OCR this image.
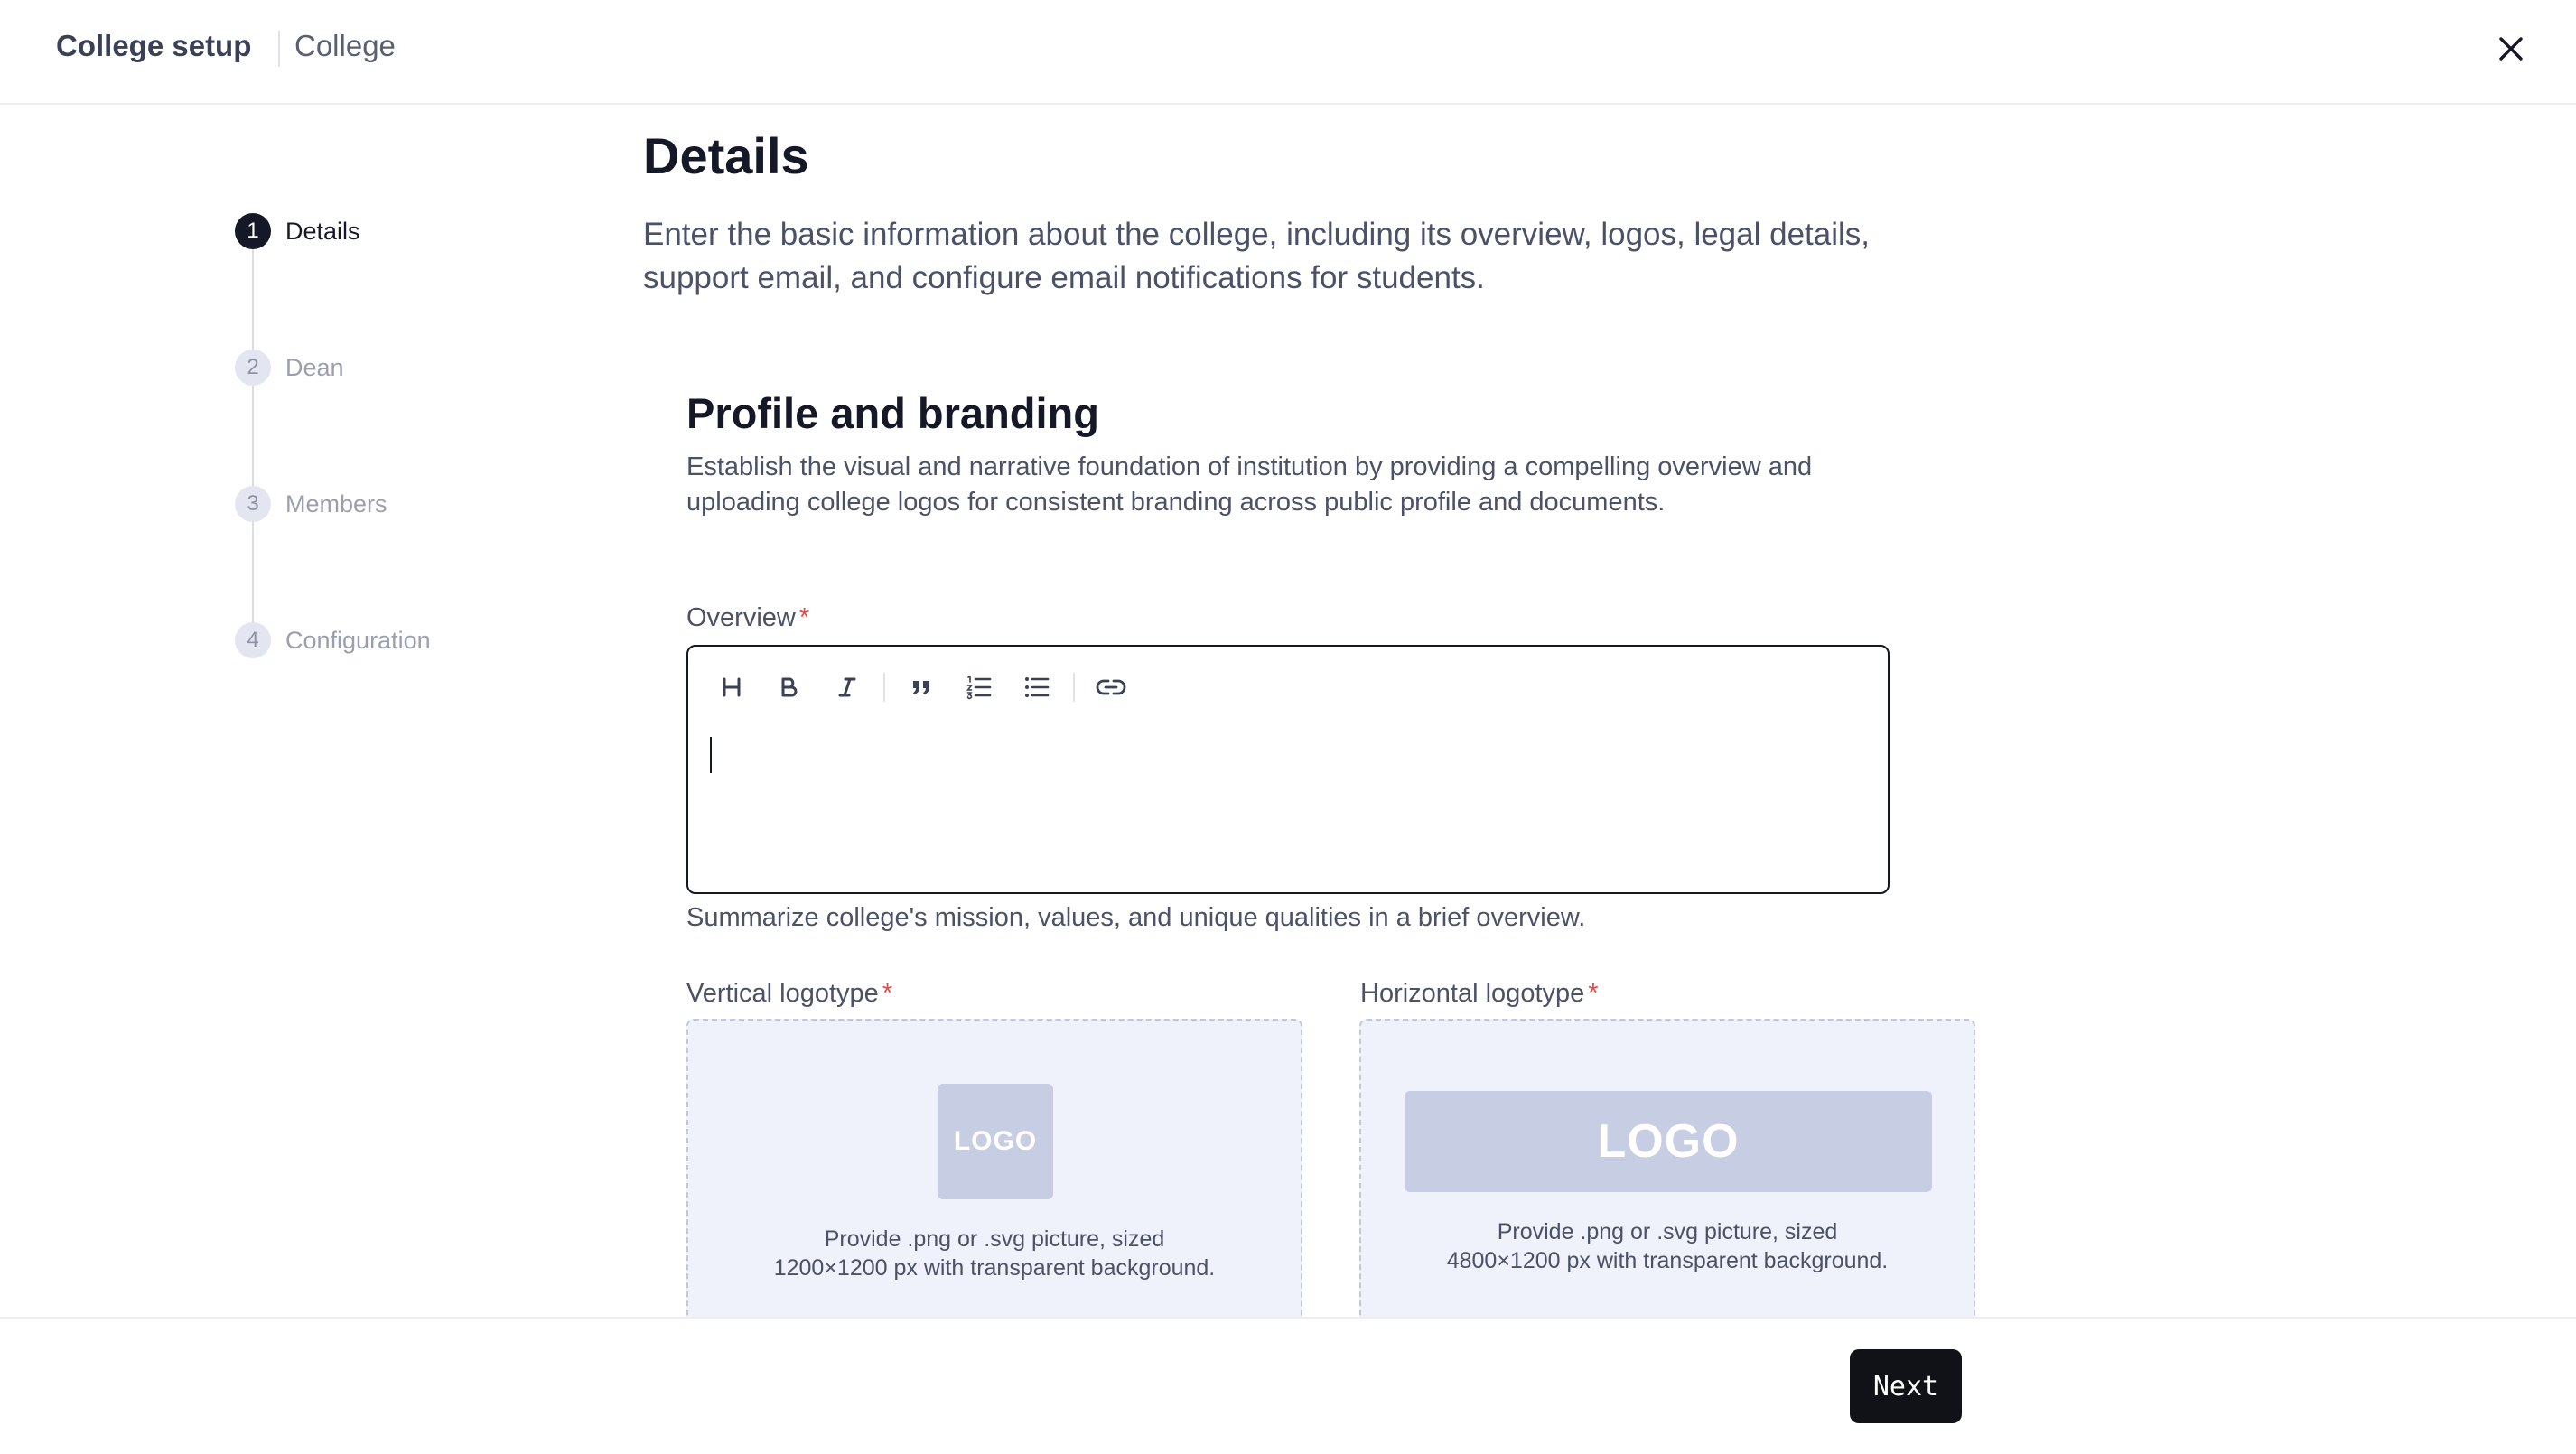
College setup College
1	Details
2	Dean
3	Members
4	Configuration
Details
Enter the basic information about the college, including its overview, logos, legal details, support email, and configure email notifications for students.
Profile and branding
Establish the visual and narrative foundation of institution by providing a compelling overview and uploading college logos for consistent branding across public profile and documents.
Overview *
Summarize college's mission, values, and unique qualities in a brief overview.
Vertical logotype *
LOGO
Provide .png or .svg picture, sized
1200×1200 px with transparent background.
Horizontal logotype *
LOGO
Provide .png or .svg picture, sized
4800×1200 px with transparent background.
Next
